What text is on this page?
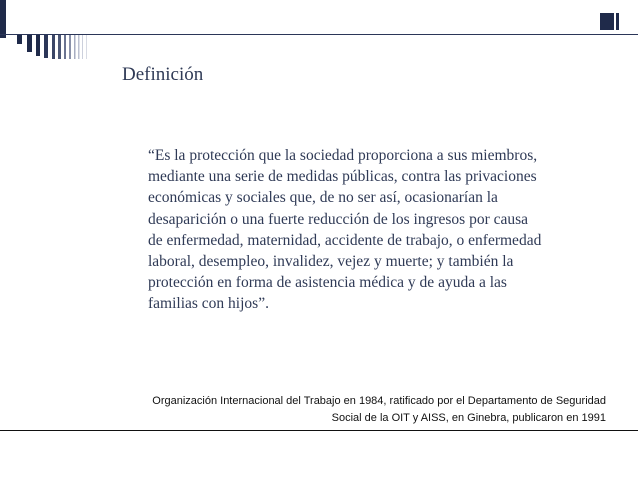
Definición
“Es la protección que la sociedad proporciona a sus miembros,
mediante una serie de medidas públicas, contra las privaciones
económicas y sociales que, de no ser así, ocasionarían la
desaparición o una fuerte reducción de los ingresos por causa
de enfermedad, maternidad, accidente de trabajo, o enfermedad
laboral, desempleo, invalidez, vejez y muerte; y también la
protección en forma de asistencia médica y de ayuda a las
familias con hijos”.
Organización Internacional del Trabajo en 1984, ratificado por el Departamento de Seguridad
Social de la OIT y AISS, en Ginebra, publicaron en 1991
